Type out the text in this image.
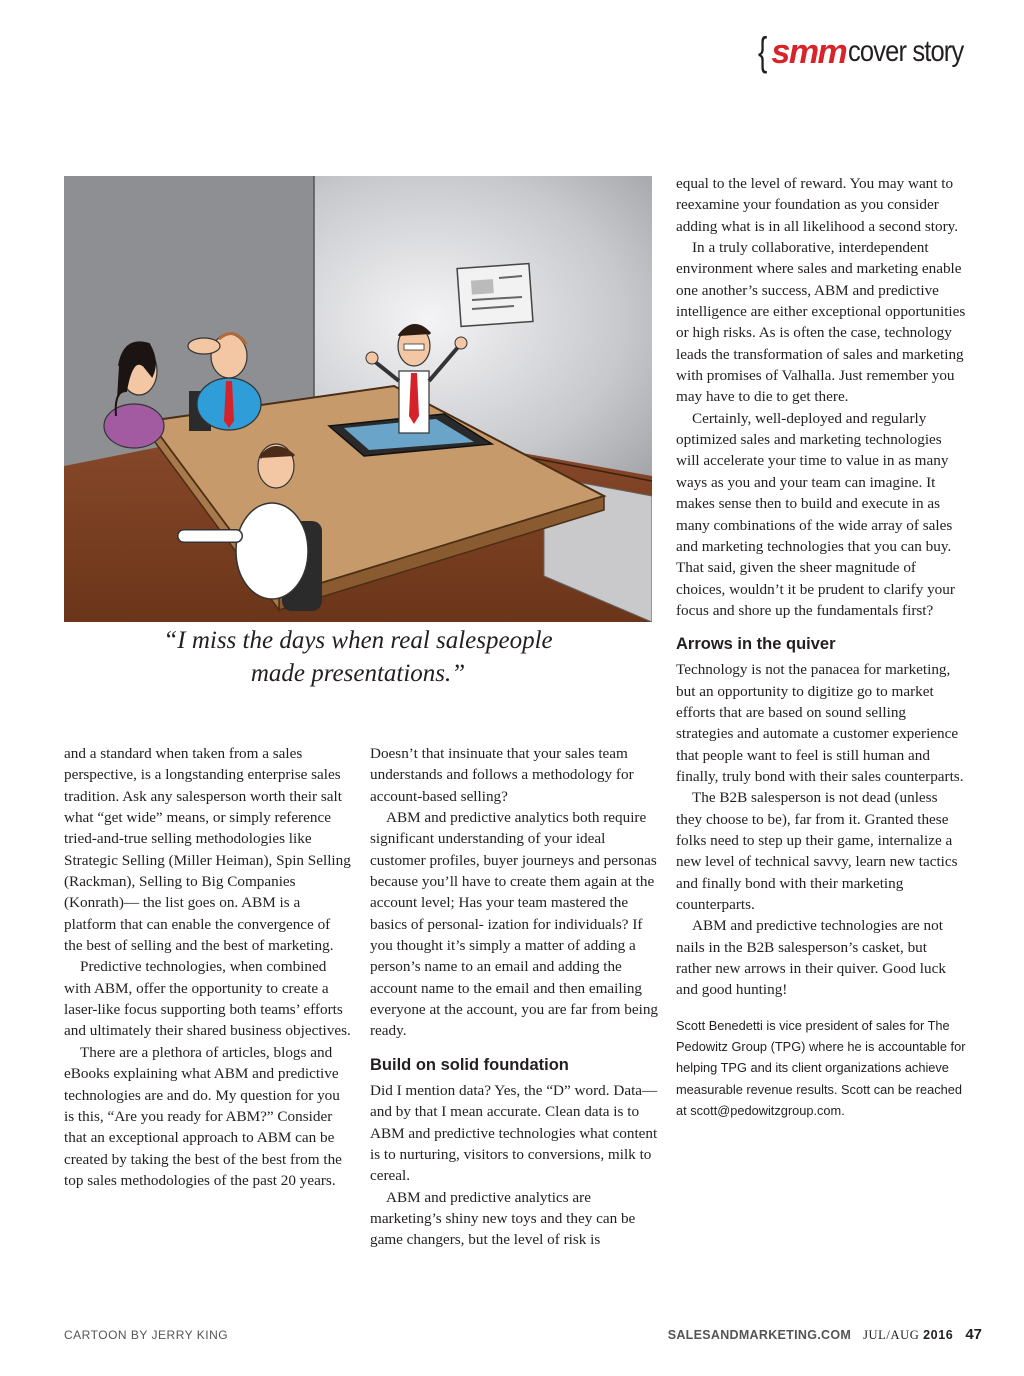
{ smm cover story
“I miss the days when real salespeople
made presentations.”

and a standard when taken from a sales perspective, is a longstanding enterprise sales tradition. Ask any salesperson worth their salt what “get wide” means, or simply reference tried-and-true selling methodologies like Strategic Selling (Miller Heiman), Spin Selling (Rackman), Selling to Big Companies (Konrath)— the list goes on. ABM is a platform that can enable the convergence of the best of selling and the best of marketing.

Predictive technologies, when combined with ABM, offer the opportunity to create a laser-like focus supporting both teams’ efforts and ultimately their shared business objectives.

There are a plethora of articles, blogs and eBooks explaining what ABM and predictive technologies are and do. My question for you is this, “Are you ready for ABM?” Consider that an exceptional approach to ABM can be created by taking the best of the best from the top sales methodologies of the past 20 years.

Doesn’t that insinuate that your sales team understands and follows a methodology for account-based selling?

ABM and predictive analytics both require significant understanding of your ideal customer profiles, buyer journeys and personas because you’ll have to create them again at the account level; Has your team mastered the basics of personal- ization for individuals? If you thought it’s simply a matter of adding a person’s name to an email and adding the account name to the email and then emailing everyone at the account, you are far from being ready.

Build on solid foundation

Did I mention data? Yes, the “D” word. Data—and by that I mean accurate. Clean data is to ABM and predictive technologies what content is to nurturing, visitors to conversions, milk to cereal.

ABM and predictive analytics are marketing’s shiny new toys and they can be game changers, but the level of risk is

equal to the level of reward. You may want to reexamine your foundation as you consider adding what is in all likelihood a second story.

In a truly collaborative, interdependent environment where sales and marketing enable one another’s success, ABM and predictive intelligence are either exceptional opportunities or high risks. As is often the case, technology leads the transformation of sales and marketing with promises of Valhalla. Just remember you may have to die to get there.

Certainly, well-deployed and regularly optimized sales and marketing technologies will accelerate your time to value in as many ways as you and your team can imagine. It makes sense then to build and execute in as many combinations of the wide array of sales and marketing technologies that you can buy. That said, given the sheer magnitude of choices, wouldn’t it be prudent to clarify your focus and shore up the fundamentals first?

Arrows in the quiver

Technology is not the panacea for marketing, but an opportunity to digitize go to market efforts that are based on sound selling strategies and automate a customer experience that people want to feel is still human and finally, truly bond with their sales counterparts.

The B2B salesperson is not dead (unless they choose to be), far from it. Granted these folks need to step up their game, internalize a new level of technical savvy, learn new tactics and finally bond with their marketing counterparts.

ABM and predictive technologies are not nails in the B2B salesperson’s casket, but rather new arrows in their quiver. Good luck and good hunting!

Scott Benedetti is vice president of sales for The Pedowitz Group (TPG) where he is accountable for helping TPG and its client organizations achieve measurable revenue results. Scott can be reached at scott@pedowitzgroup.com.
CARTOON BY JERRY KING	SALESANDMARKETING.COM JUL/AUG 2016 47
